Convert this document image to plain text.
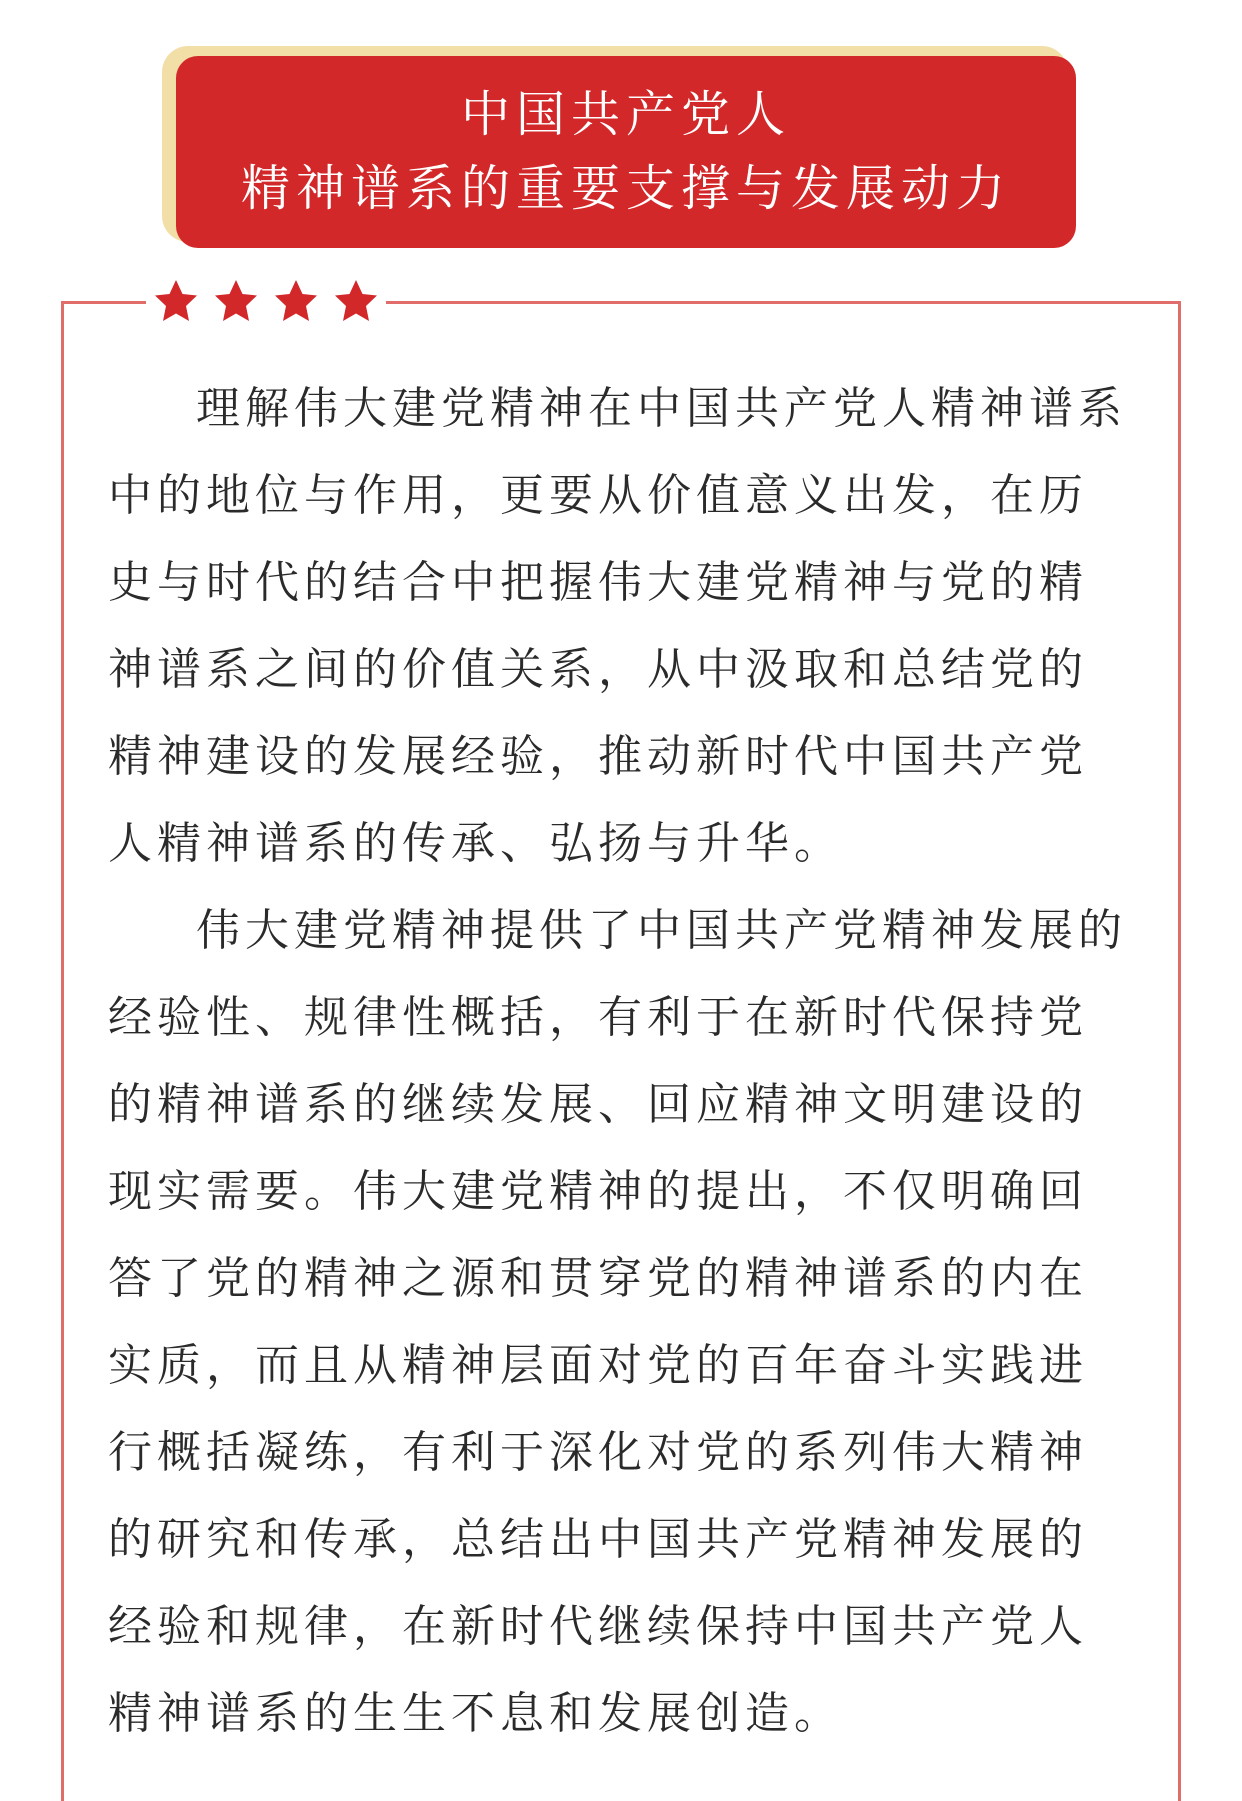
中国共产党人
精神谱系的重要支撑与发展动力

理解伟大建党精神在中国共产党人精神谱系中的地位与作用，更要从价值意义出发，在历史与时代的结合中把握伟大建党精神与党的精神谱系之间的价值关系，从中汲取和总结党的精神建设的发展经验，推动新时代中国共产党人精神谱系的传承、弘扬与升华。

伟大建党精神提供了中国共产党精神发展的经验性、规律性概括，有利于在新时代保持党的精神谱系的继续发展、回应精神文明建设的现实需要。伟大建党精神的提出，不仅明确回答了党的精神之源和贯穿党的精神谱系的内在实质，而且从精神层面对党的百年奋斗实践进行概括凝练，有利于深化对党的系列伟大精神的研究和传承，总结出中国共产党精神发展的经验和规律，在新时代继续保持中国共产党人精神谱系的生生不息和发展创造。
